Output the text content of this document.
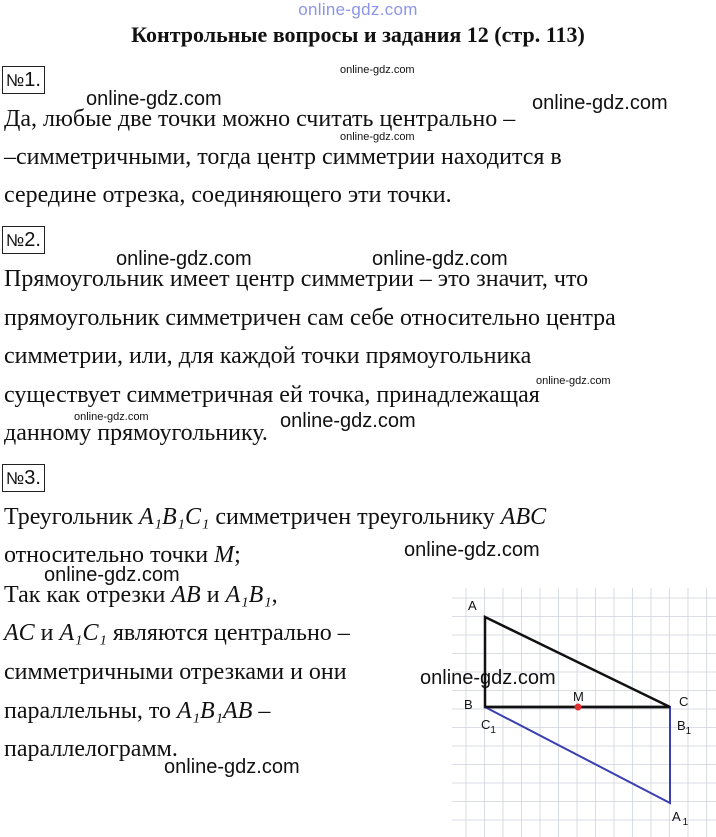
online-gdz.com
Контрольные вопросы и задания 12 (стр. 113)
№1.
Да, любые две точки можно считать центрально –
–симметричными, тогда центр симметрии находится в
середине отрезка, соединяющего эти точки.
№2.
Прямоугольник имеет центр симметрии – это значит, что
прямоугольник симметричен сам себе относительно центра
симметрии, или, для каждой точки прямоугольника
существует симметричная ей точка, принадлежащая
данному прямоугольнику.
№3.
Треугольник A₁B₁C₁ симметричен треугольнику ABC
относительно точки M;
Так как отрезки AB и A₁B₁,
AC и A₁C₁ являются центрально –
симметричными отрезками и они
параллельны, то A₁B₁AB –
параллелограмм.
A
B	C
M
$C_1$	$B_1$
A $_1$
online-gdz.com
online-gdz.com	online-gdz.com
online-gdz.com
online-gdz.com	online-gdz.com
online-gdz.com
online-gdz.com	online-gdz.com
online-gdz.com
online-gdz.com
online-gdz.com
online-gdz.com
